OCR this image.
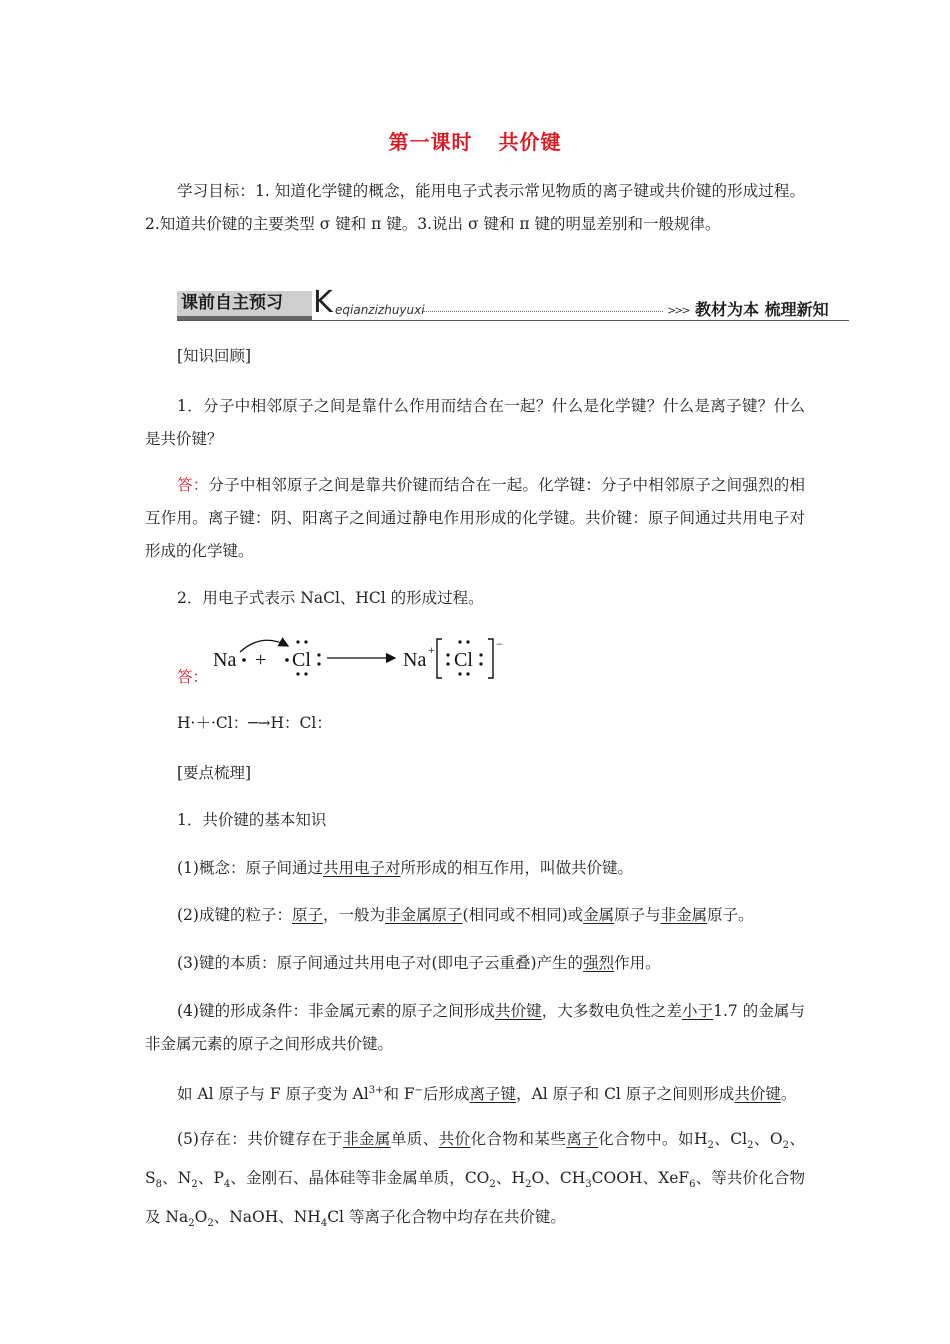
第一课时 共价键
学习目标：1. 知道化学键的概念，能用电子式表示常见物质的离子键或共价键的形成过程。2.知道共价键的主要类型 σ 键和 π 键。3.说出 σ 键和 π 键的明显差别和一般规律。
课前自主预习	K eqianzizhuyuxi	>>> 教材为本 梳理新知
[知识回顾]
1．分子中相邻原子之间是靠什么作用而结合在一起？什么是化学键？什么是离子键？什么是共价键？
答：分子中相邻原子之间是靠共价键而结合在一起。化学键：分子中相邻原子之间强烈的相互作用。离子键：阴、阳离子之间通过静电作用形成的化学键。共价键：原子间通过共用电子对形成的化学键。
2．用电子式表示 NaCl、HCl 的形成过程。
答：
Na + Cl	Na + Cl
−
H·＋·Cl：─→H：Cl：
[要点梳理]
1．共价键的基本知识
(1)概念：原子间通过共用电子对所形成的相互作用，叫做共价键。
(2)成键的粒子：原子，一般为非金属原子(相同或不相同)或金属原子与非金属原子。
(3)键的本质：原子间通过共用电子对(即电子云重叠)产生的强烈作用。
(4)键的形成条件：非金属元素的原子之间形成共价键，大多数电负性之差小于1.7 的金属与非金属元素的原子之间形成共价键。
如 Al 原子与 F 原子变为 $Al^{3+}$和 F−后形成离子键，Al 原子和 Cl 原子之间则形成共价键。
(5)存在：共价键存在于非金属单质、共价化合物和某些离子化合物中。如$H_2$、$Cl_2$、$O_2$、$S_8$、$N_2$、$P_4$、金刚石、晶体硅等非金属单质，$CO_2$、$H_2O$、$CH_3COOH$、XeF$_6$、等共价化合物及 $Na_2O_2$、NaOH、$NH_4Cl$ 等离子化合物中均存在共价键。
